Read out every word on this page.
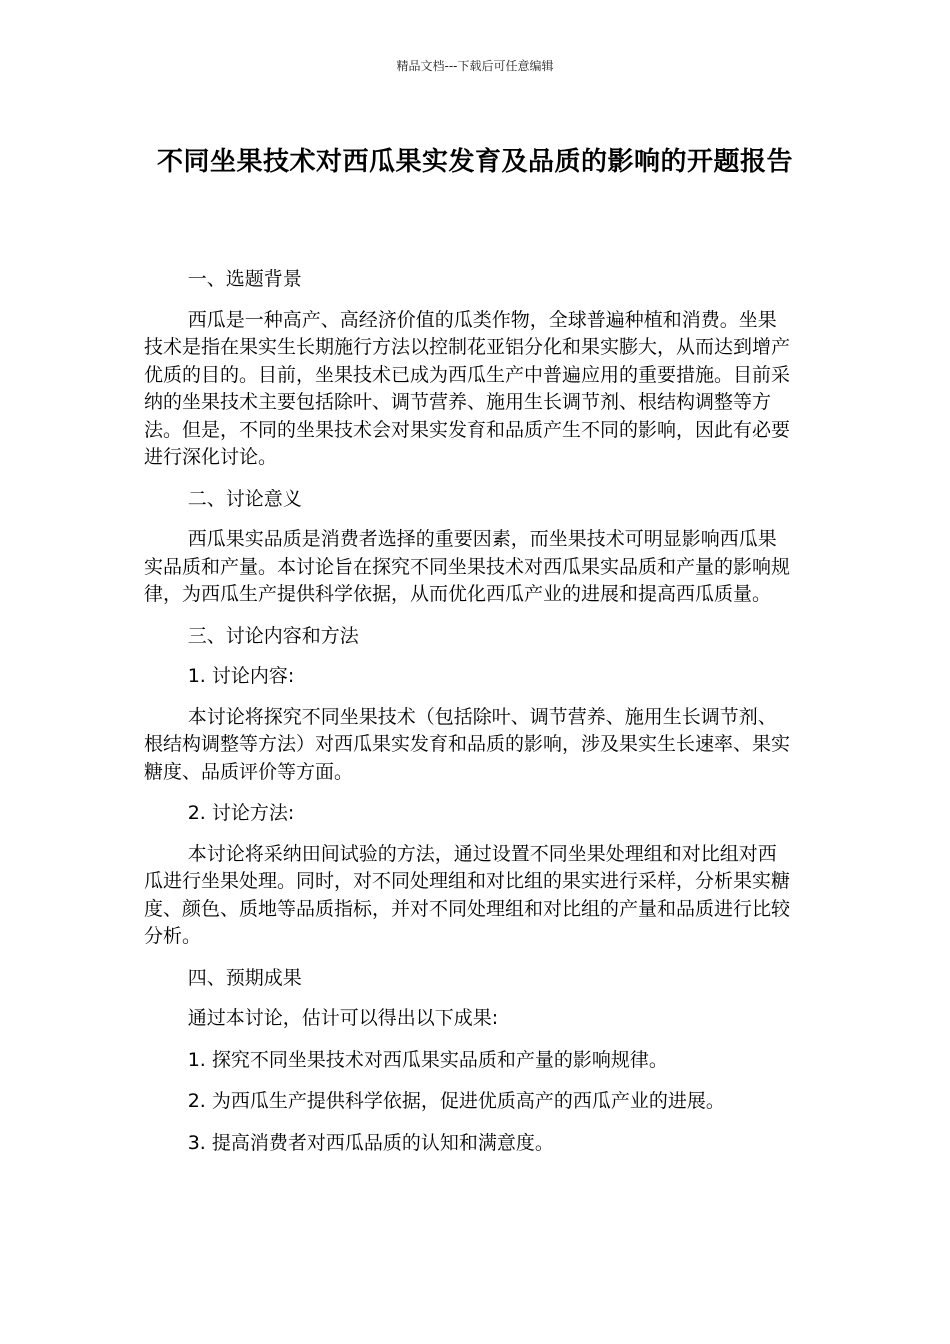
精品文档---下载后可任意编辑
不同坐果技术对西瓜果实发育及品质的影响的开题报告

一、选题背景

西瓜是一种高产、高经济价值的瓜类作物，全球普遍种植和消费。坐果技术是指在果实生长期施行方法以控制花亚铝分化和果实膨大，从而达到增产优质的目的。目前，坐果技术已成为西瓜生产中普遍应用的重要措施。目前采纳的坐果技术主要包括除叶、调节营养、施用生长调节剂、根结构调整等方法。但是，不同的坐果技术会对果实发育和品质产生不同的影响，因此有必要进行深化讨论。

二、讨论意义

西瓜果实品质是消费者选择的重要因素，而坐果技术可明显影响西瓜果实品质和产量。本讨论旨在探究不同坐果技术对西瓜果实品质和产量的影响规律，为西瓜生产提供科学依据，从而优化西瓜产业的进展和提高西瓜质量。

三、讨论内容和方法

1. 讨论内容:

本讨论将探究不同坐果技术（包括除叶、调节营养、施用生长调节剂、根结构调整等方法）对西瓜果实发育和品质的影响，涉及果实生长速率、果实糖度、品质评价等方面。

2. 讨论方法:

本讨论将采纳田间试验的方法，通过设置不同坐果处理组和对比组对西瓜进行坐果处理。同时，对不同处理组和对比组的果实进行采样，分析果实糖度、颜色、质地等品质指标，并对不同处理组和对比组的产量和品质进行比较分析。

四、预期成果

通过本讨论，估计可以得出以下成果:

1. 探究不同坐果技术对西瓜果实品质和产量的影响规律。

2. 为西瓜生产提供科学依据，促进优质高产的西瓜产业的进展。

3. 提高消费者对西瓜品质的认知和满意度。
